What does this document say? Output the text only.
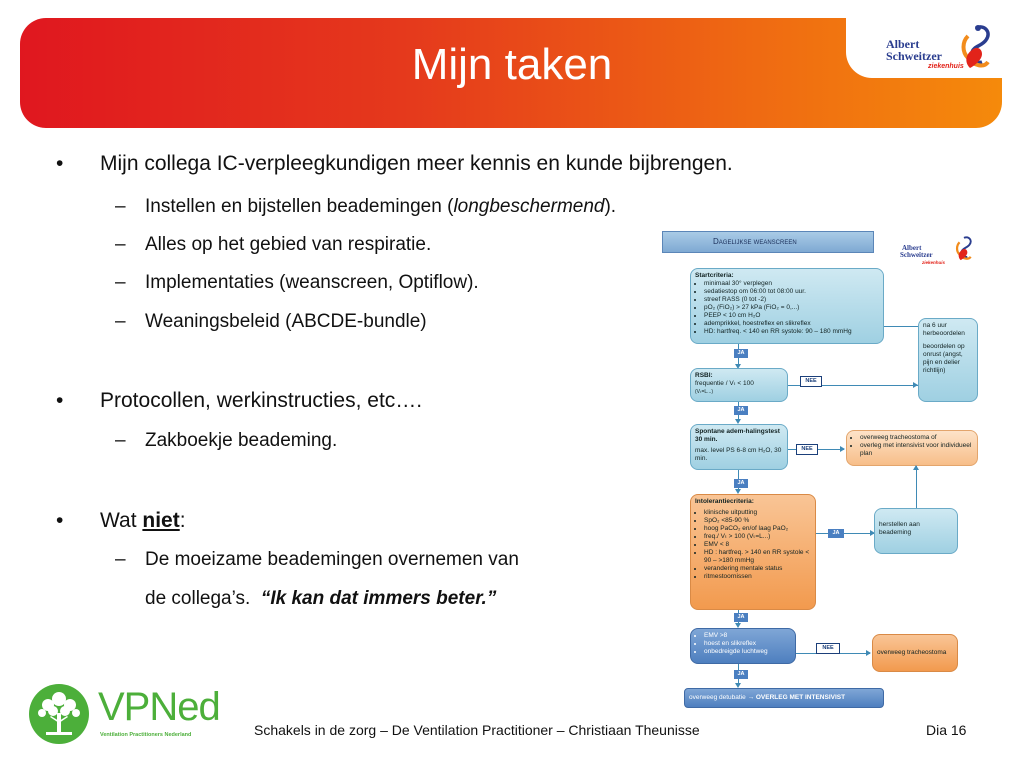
Mijn taken	Albert
Schweitzer
ziekenhuis
• Mijn collega IC-verpleegkundigen meer kennis en kunde bijbrengen.
– Instellen en bijstellen beademingen (longbeschermend).
– Alles op het gebied van respiratie.
– Implementaties (weanscreen, Optiflow).
– Weaningsbeleid (ABCDE-bundle)
• Protocollen, werkinstructies, etc….
– Zakboekje beademing.
• Wat niet:
– De moeizame beademingen overnemen van
de collega’s.  “Ik kan dat immers beter.”
Dagelijkse weanscreen
Albert
Schweitzer
ziekenhuis
Startcriteria:
• minimaal 30° verplegen
• sedatiestop om 06:00 tot 08:00 uur.
• streef RASS (0 tot -2)
• pO₂ (FiO₂) > 27 kPa (FiO₂ = 0,...)
• PEEP < 10 cm H₂O
• ademprikkel, hoestreflex en slikreflex
• HD: hartfreq. < 140 en RR systole: 90 – 180 mmHg
na 6 uur
herbeoordelen
beoordelen op onrust (angst, pijn en delier richtlijn)
JA
RSBI:
frequentie / Vₜ < 100
(Vₜ=L...)
NEE
JA
Spontane adem-halingstest 30 min.
max. level PS 6-8 cm H₂O, 30 min.
NEE
• overweeg tracheostoma of
• overleg met intensivist voor individueel plan
JA
Intolerantiecriteria:
• klinische uitputting
• SpO₂ <85-90 %
• hoog PaCO₂ en/of laag PaO₂
• freq./ Vₜ > 100 (Vₜ=L...)
• EMV < 8
• HD : hartfreq. > 140 en RR systole < 90 – >180 mmHg
• verandering mentale status
• ritmestoornissen
JA
herstellen aan beademing
JA
• EMV >8
• hoest en slikreflex
• onbedreigde luchtweg	NEE
overweeg tracheostoma
JA
overweeg detubatie → OVERLEG MET INTENSIVIST
VPNed
Ventilation Practitioners Nederland	Schakels in de zorg – De Ventilation Practitioner – Christiaan Theunisse	Dia 16
